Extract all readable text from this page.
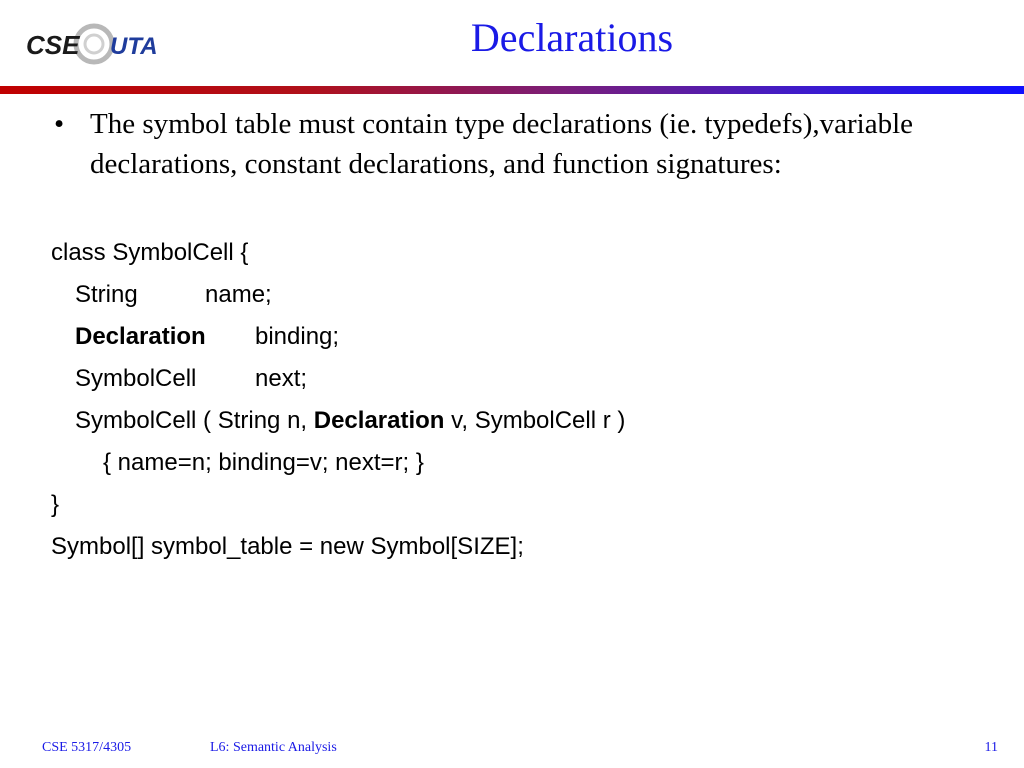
CSE UTA	Declarations
• The symbol table must contain type declarations (ie. typedefs),variable declarations, constant declarations, and function signatures:
class SymbolCell {
String	name;
Declaration binding;
SymbolCell next;
SymbolCell ( String n, Declaration v, SymbolCell r )
{ name=n; binding=v; next=r; }
}
Symbol[] symbol_table = new Symbol[SIZE];
CSE 5317/4305	L6: Semantic Analysis	11
